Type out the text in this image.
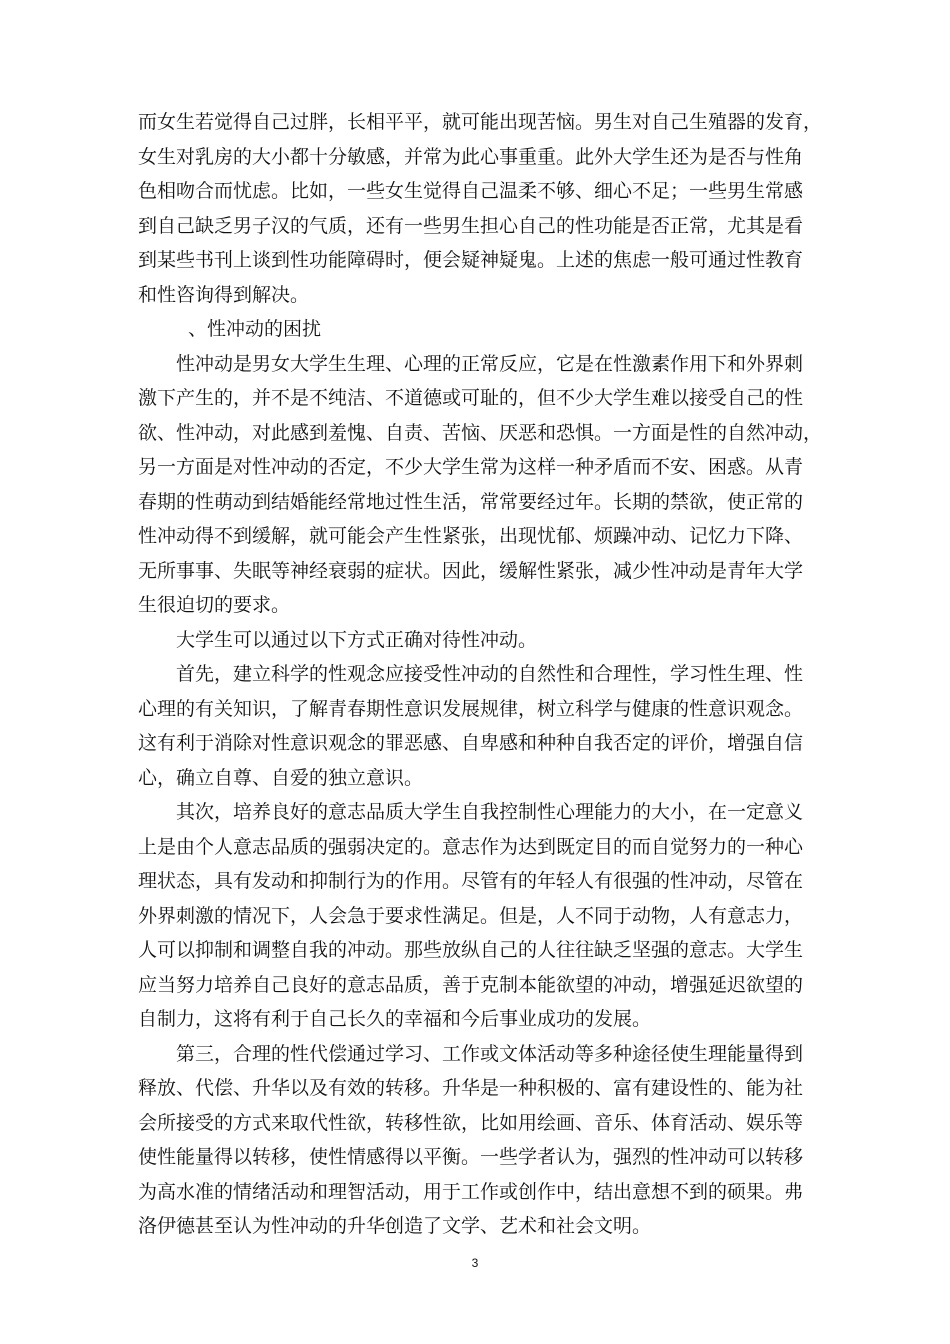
而女生若觉得自己过胖，长相平平，就可能出现苦恼。男生对自己生殖器的发育，
女生对乳房的大小都十分敏感，并常为此心事重重。此外大学生还为是否与性角
色相吻合而忧虑。比如，一些女生觉得自己温柔不够、细心不足；一些男生常感
到自己缺乏男子汉的气质，还有一些男生担心自己的性功能是否正常，尤其是看
到某些书刊上谈到性功能障碍时，便会疑神疑鬼。上述的焦虑一般可通过性教育
和性咨询得到解决。
、性冲动的困扰
性冲动是男女大学生生理、心理的正常反应，它是在性激素作用下和外界刺
激下产生的，并不是不纯洁、不道德或可耻的，但不少大学生难以接受自己的性
欲、性冲动，对此感到羞愧、自责、苦恼、厌恶和恐惧。一方面是性的自然冲动，
另一方面是对性冲动的否定，不少大学生常为这样一种矛盾而不安、困惑。从青
春期的性萌动到结婚能经常地过性生活，常常要经过年。长期的禁欲，使正常的
性冲动得不到缓解，就可能会产生性紧张，出现忧郁、烦躁冲动、记忆力下降、
无所事事、失眠等神经衰弱的症状。因此，缓解性紧张，减少性冲动是青年大学
生很迫切的要求。
大学生可以通过以下方式正确对待性冲动。
首先，建立科学的性观念应接受性冲动的自然性和合理性，学习性生理、性
心理的有关知识，了解青春期性意识发展规律，树立科学与健康的性意识观念。
这有利于消除对性意识观念的罪恶感、自卑感和种种自我否定的评价，增强自信
心，确立自尊、自爱的独立意识。
其次，培养良好的意志品质大学生自我控制性心理能力的大小，在一定意义
上是由个人意志品质的强弱决定的。意志作为达到既定目的而自觉努力的一种心
理状态，具有发动和抑制行为的作用。尽管有的年轻人有很强的性冲动，尽管在
外界刺激的情况下，人会急于要求性满足。但是，人不同于动物，人有意志力，
人可以抑制和调整自我的冲动。那些放纵自己的人往往缺乏坚强的意志。大学生
应当努力培养自己良好的意志品质，善于克制本能欲望的冲动，增强延迟欲望的
自制力，这将有利于自己长久的幸福和今后事业成功的发展。
第三，合理的性代偿通过学习、工作或文体活动等多种途径使生理能量得到
释放、代偿、升华以及有效的转移。升华是一种积极的、富有建设性的、能为社
会所接受的方式来取代性欲，转移性欲，比如用绘画、音乐、体育活动、娱乐等
使性能量得以转移，使性情感得以平衡。一些学者认为，强烈的性冲动可以转移
为高水准的情绪活动和理智活动，用于工作或创作中，结出意想不到的硕果。弗
洛伊德甚至认为性冲动的升华创造了文学、艺术和社会文明。
3
